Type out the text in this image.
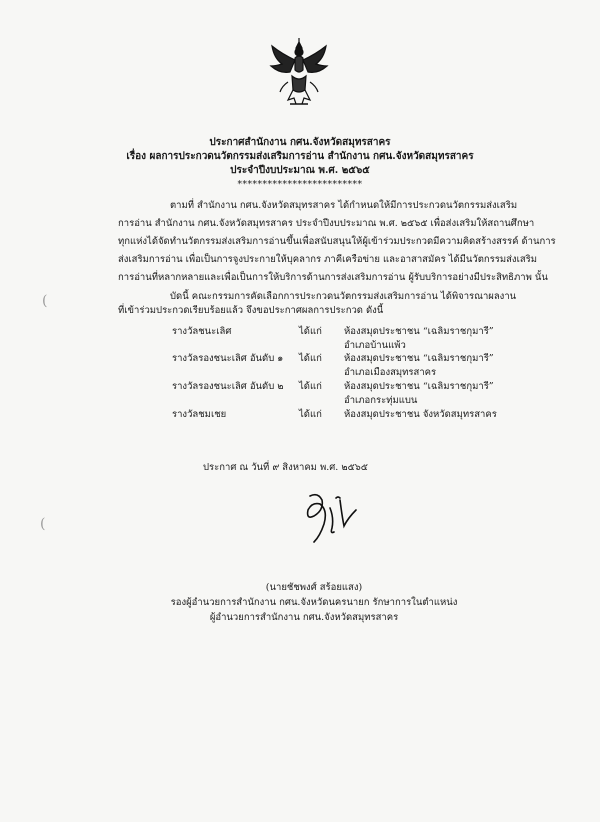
ประกาศสำนักงาน กศน.จังหวัดสมุทรสาคร
เรื่อง ผลการประกวดนวัตกรรมส่งเสริมการอ่าน สำนักงาน กศน.จังหวัดสมุทรสาคร
ประจำปีงบประมาณ พ.ศ. ๒๕๖๕
*************************
ตามที่ สำนักงาน กศน.จังหวัดสมุทรสาคร ได้กำหนดให้มีการประกวดนวัตกรรมส่งเสริม
การอ่าน สำนักงาน กศน.จังหวัดสมุทรสาคร ประจำปีงบประมาณ พ.ศ. ๒๕๖๕ เพื่อส่งเสริมให้สถานศึกษา
ทุกแห่งได้จัดทำนวัตกรรมส่งเสริมการอ่านขึ้นเพื่อสนับสนุนให้ผู้เข้าร่วมประกวดมีความคิดสร้างสรรค์ ด้านการ
ส่งเสริมการอ่าน เพื่อเป็นการจูงประกายให้บุคลากร ภาคีเครือข่าย และอาสาสมัคร ได้มีนวัตกรรมส่งเสริม
การอ่านที่หลากหลายและเพื่อเป็นการให้บริการด้านการส่งเสริมการอ่าน ผู้รับบริการอย่างมีประสิทธิภาพ นั้น
บัดนี้ คณะกรรมการคัดเลือกการประกวดนวัตกรรมส่งเสริมการอ่าน ได้พิจารณาผลงาน
ที่เข้าร่วมประกวดเรียบร้อยแล้ว จึงขอประกาศผลการประกวด ดังนี้
รางวัลชนะเลิศ	ได้แก่ ห้องสมุดประชาชน “เฉลิมราชกุมารี”
อำเภอบ้านแพ้ว
รางวัลรองชนะเลิศ อันดับ ๑ ได้แก่ ห้องสมุดประชาชน “เฉลิมราชกุมารี”
อำเภอเมืองสมุทรสาคร
รางวัลรองชนะเลิศ อันดับ ๒ ได้แก่ ห้องสมุดประชาชน “เฉลิมราชกุมารี”
อำเภอกระทุ่มแบน
รางวัลชมเชย	ได้แก่ ห้องสมุดประชาชน จังหวัดสมุทรสาคร
ประกาศ ณ วันที่ ๙ สิงหาคม พ.ศ. ๒๕๖๕
(นายชัชพงศ์ สร้อยแสง)
รองผู้อำนวยการสำนักงาน กศน.จังหวัดนครนายก รักษาการในตำแหน่ง
ผู้อำนวยการสำนักงาน กศน.จังหวัดสมุทรสาคร
(
(
